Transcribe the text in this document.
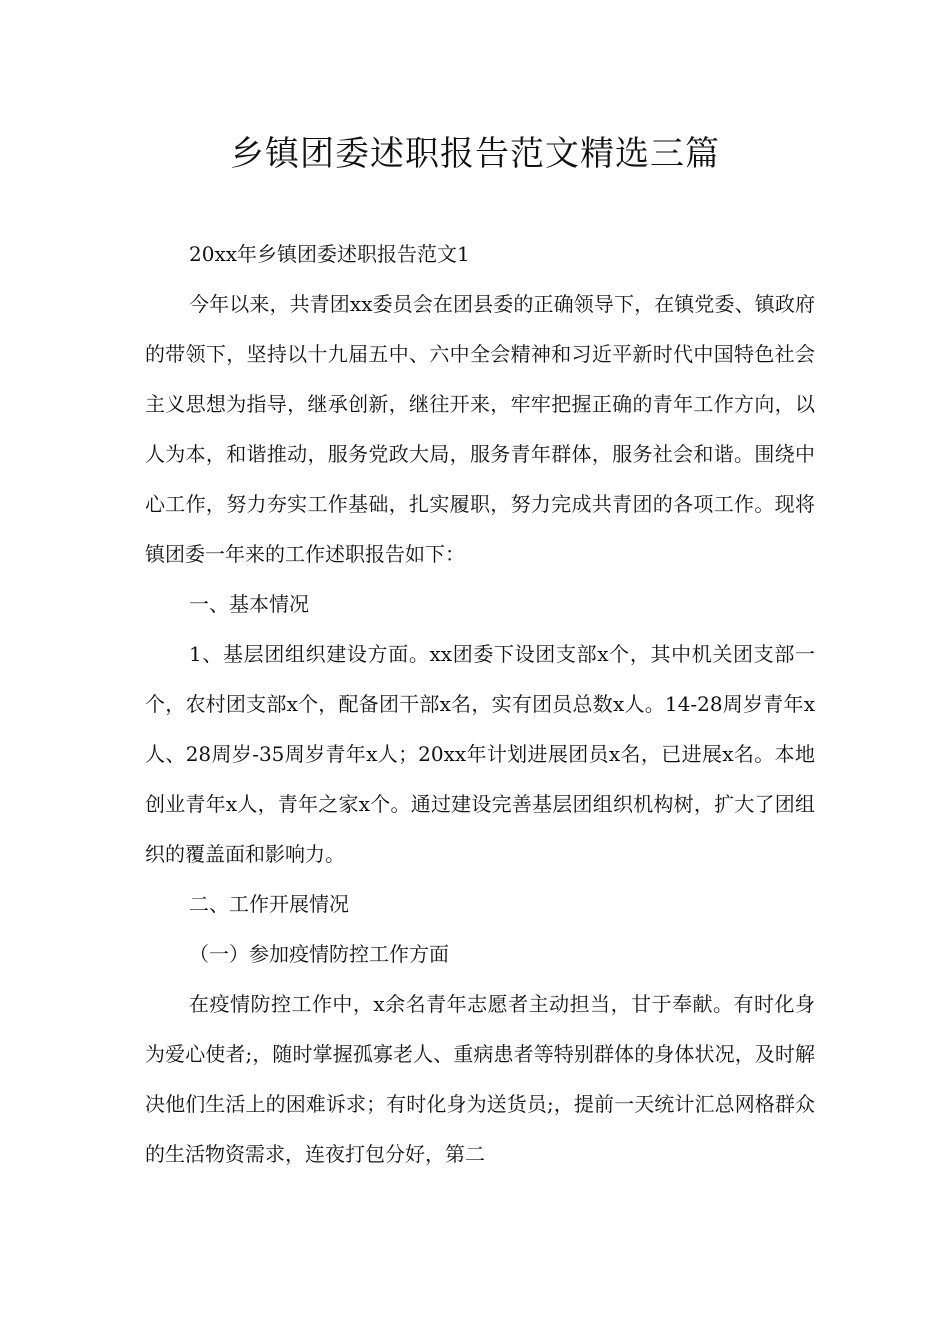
乡镇团委述职报告范文精选三篇

20xx年乡镇团委述职报告范文1

今年以来，共青团xx委员会在团县委的正确领导下，在镇党委、镇政府的带领下，坚持以十九届五中、六中全会精神和习近平新时代中国特色社会主义思想为指导，继承创新，继往开来，牢牢把握正确的青年工作方向，以人为本，和谐推动，服务党政大局，服务青年群体，服务社会和谐。围绕中心工作，努力夯实工作基础，扎实履职，努力完成共青团的各项工作。现将镇团委一年来的工作述职报告如下：

一、基本情况

1、基层团组织建设方面。xx团委下设团支部x个，其中机关团支部一个，农村团支部x个，配备团干部x名，实有团员总数x人。14-28周岁青年x人、28周岁-35周岁青年x人；20xx年计划进展团员x名，已进展x名。本地创业青年x人，青年之家x个。通过建设完善基层团组织机构树，扩大了团组织的覆盖面和影响力。

二、工作开展情况

（一）参加疫情防控工作方面

在疫情防控工作中，x余名青年志愿者主动担当，甘于奉献。有时化身为爱心使者;，随时掌握孤寡老人、重病患者等特别群体的身体状况，及时解决他们生活上的困难诉求；有时化身为送货员;，提前一天统计汇总网格群众的生活物资需求，连夜打包分好，第二
